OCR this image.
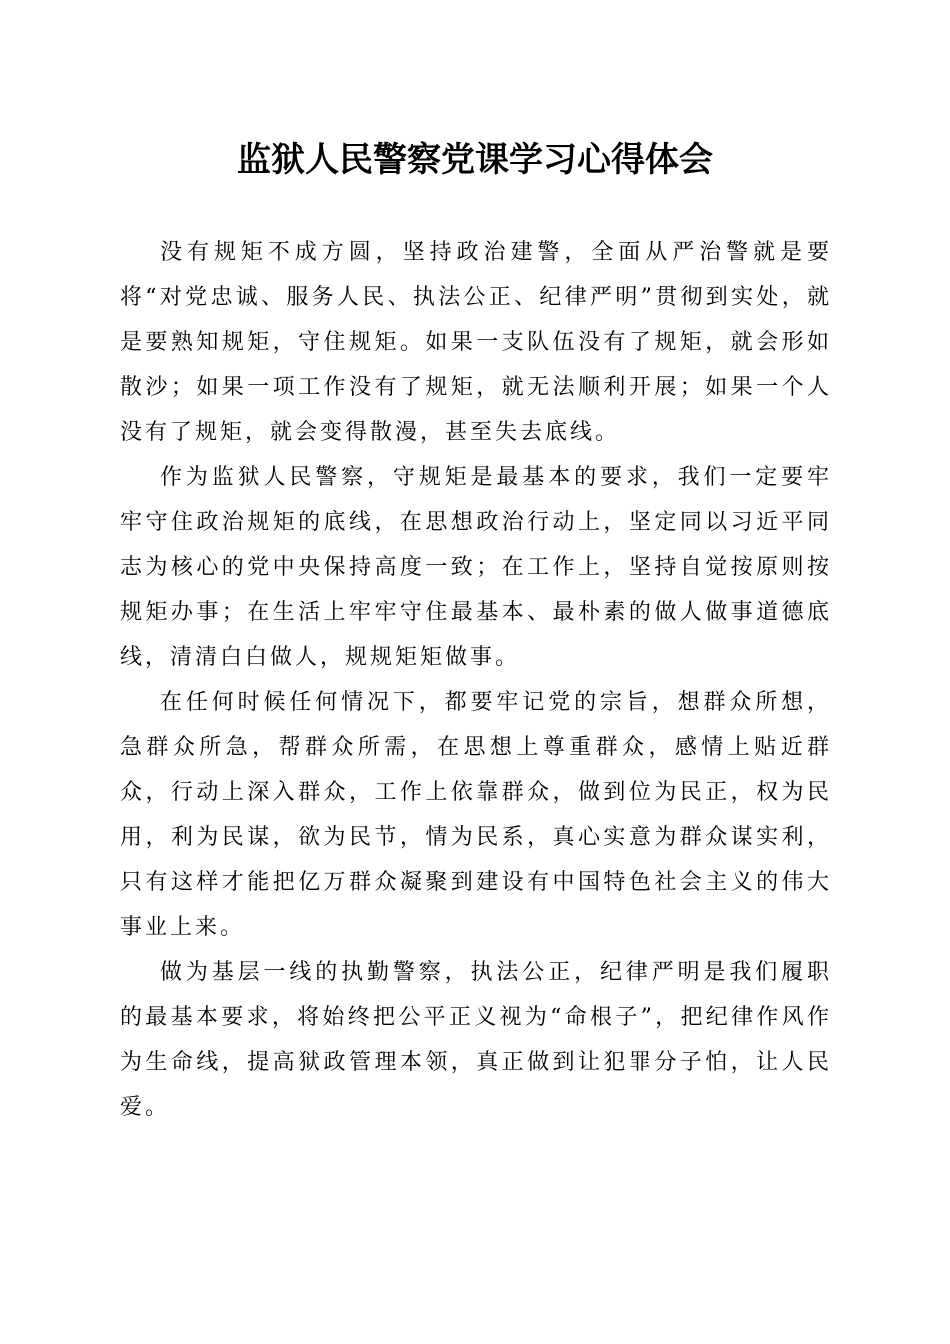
监狱人民警察党课学习心得体会

没有规矩不成方圆，坚持政治建警，全面从严治警就是要将“对党忠诚、服务人民、执法公正、纪律严明”贯彻到实处，就是要熟知规矩，守住规矩。如果一支队伍没有了规矩，就会形如散沙；如果一项工作没有了规矩，就无法顺利开展；如果一个人没有了规矩，就会变得散漫，甚至失去底线。

作为监狱人民警察，守规矩是最基本的要求，我们一定要牢牢守住政治规矩的底线，在思想政治行动上，坚定同以习近平同志为核心的党中央保持高度一致；在工作上，坚持自觉按原则按规矩办事；在生活上牢牢守住最基本、最朴素的做人做事道德底线，清清白白做人，规规矩矩做事。

在任何时候任何情况下，都要牢记党的宗旨，想群众所想，急群众所急，帮群众所需，在思想上尊重群众，感情上贴近群众，行动上深入群众，工作上依靠群众，做到位为民正，权为民用，利为民谋，欲为民节，情为民系，真心实意为群众谋实利，只有这样才能把亿万群众凝聚到建设有中国特色社会主义的伟大事业上来。

做为基层一线的执勤警察，执法公正，纪律严明是我们履职的最基本要求，将始终把公平正义视为“命根子”，把纪律作风作为生命线，提高狱政管理本领，真正做到让犯罪分子怕，让人民爱。
